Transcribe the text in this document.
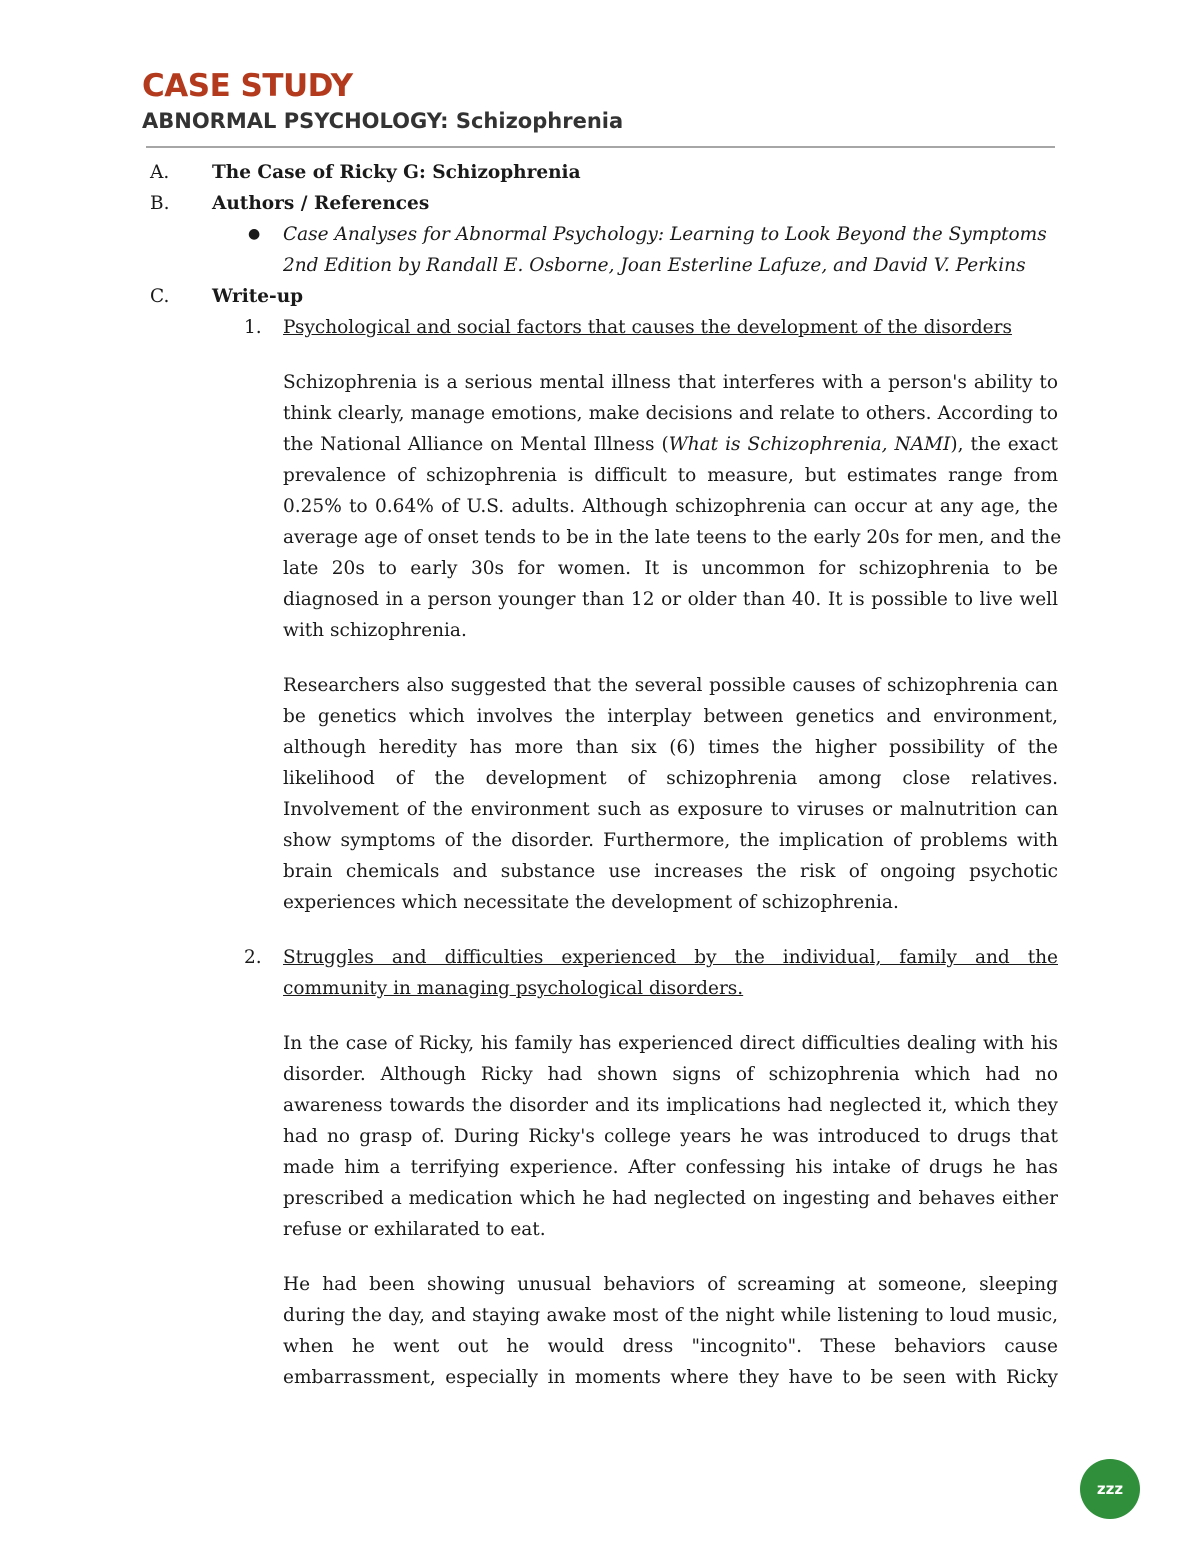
CASE STUDY
ABNORMAL PSYCHOLOGY: Schizophrenia
A.	The Case of Ricky G: Schizophrenia
B.	Authors / References
●	Case Analyses for Abnormal Psychology: Learning to Look Beyond the Symptoms
2nd Edition by Randall E. Osborne, Joan Esterline Lafuze, and David V. Perkins
C.	Write-up
1.	Psychological and social factors that causes the development of the disorders
Schizophrenia is a serious mental illness that interferes with a person's ability to
think clearly, manage emotions, make decisions and relate to others. According to
the National Alliance on Mental Illness (What is Schizophrenia, NAMI), the exact
prevalence of schizophrenia is difficult to measure, but estimates range from
0.25% to 0.64% of U.S. adults. Although schizophrenia can occur at any age, the
average age of onset tends to be in the late teens to the early 20s for men, and the
late 20s to early 30s for women. It is uncommon for schizophrenia to be
diagnosed in a person younger than 12 or older than 40. It is possible to live well
with schizophrenia.
Researchers also suggested that the several possible causes of schizophrenia can
be genetics which involves the interplay between genetics and environment,
although heredity has more than six (6) times the higher possibility of the
likelihood of the development of schizophrenia among close relatives.
Involvement of the environment such as exposure to viruses or malnutrition can
show symptoms of the disorder. Furthermore, the implication of problems with
brain chemicals and substance use increases the risk of ongoing psychotic
experiences which necessitate the development of schizophrenia.
2.	Struggles and difficulties experienced by the individual, family and the
community in managing psychological disorders.
In the case of Ricky, his family has experienced direct difficulties dealing with his
disorder. Although Ricky had shown signs of schizophrenia which had no
awareness towards the disorder and its implications had neglected it, which they
had no grasp of. During Ricky's college years he was introduced to drugs that
made him a terrifying experience. After confessing his intake of drugs he has
prescribed a medication which he had neglected on ingesting and behaves either
refuse or exhilarated to eat.
He had been showing unusual behaviors of screaming at someone, sleeping
during the day, and staying awake most of the night while listening to loud music,
when he went out he would dress "incognito". These behaviors cause
embarrassment, especially in moments where they have to be seen with Ricky
zzz
